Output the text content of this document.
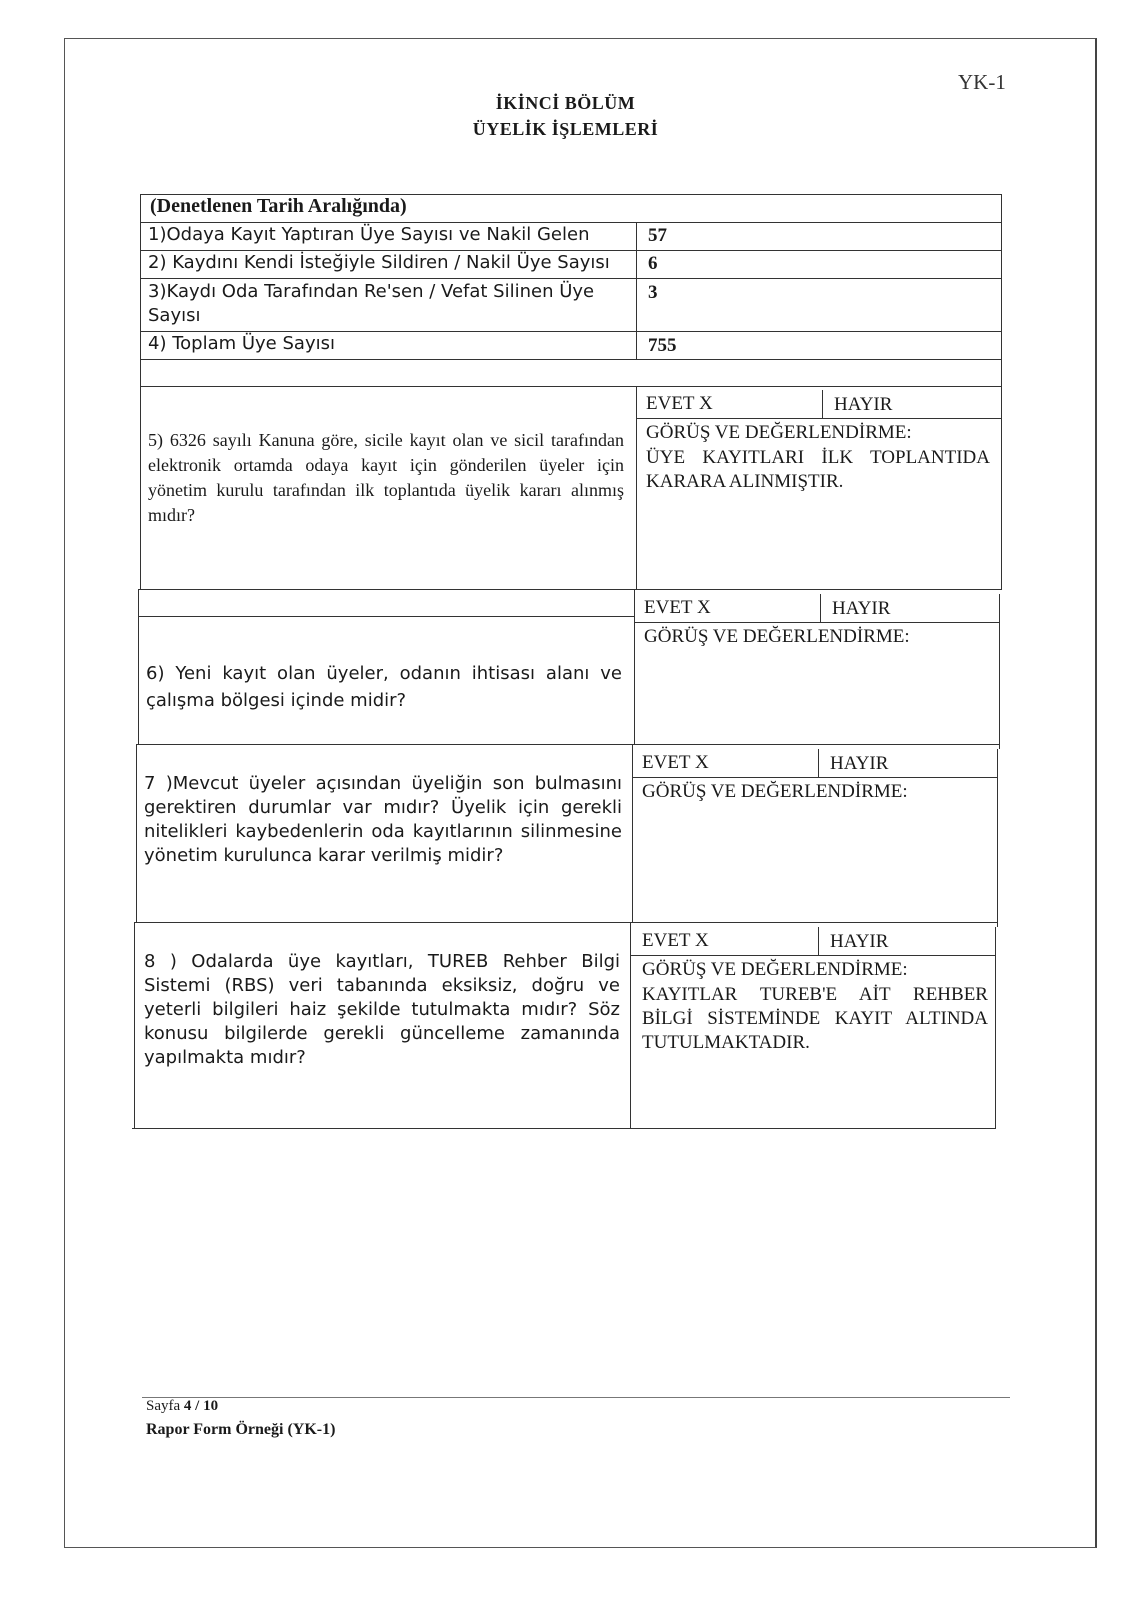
YK-1
İKİNCİ BÖLÜM
ÜYELİK İŞLEMLERİ
(Denetlenen Tarih Aralığında)
1)Odaya Kayıt Yaptıran Üye Sayısı ve Nakil Gelen	57
2) Kaydını Kendi İsteğiyle Sildiren / Nakil Üye Sayısı 6
3)Kaydı Oda Tarafından Re'sen / Vefat Silinen Üye
Sayısı
3
4) Toplam Üye Sayısı	755
5) 6326 sayılı Kanuna göre, sicile kayıt olan ve sicil tarafından elektronik ortamda odaya kayıt için gönderilen üyeler için yönetim kurulu tarafından ilk toplantıda üyelik kararı alınmış mıdır?
EVET X	HAYIR
GÖRÜŞ VE DEĞERLENDİRME:
ÜYE KAYITLARI İLK TOPLANTIDA KARARA ALINMIŞTIR.
6) Yeni kayıt olan üyeler, odanın ihtisası alanı ve çalışma bölgesi içinde midir?
EVET X	HAYIR
GÖRÜŞ VE DEĞERLENDİRME:
7 )Mevcut üyeler açısından üyeliğin son bulmasını gerektiren durumlar var mıdır? Üyelik için gerekli nitelikleri kaybedenlerin oda kayıtlarının silinmesine yönetim kurulunca karar verilmiş midir?
EVET X	HAYIR
GÖRÜŞ VE DEĞERLENDİRME:
8 ) Odalarda üye kayıtları, TUREB Rehber Bilgi Sistemi (RBS) veri tabanında eksiksiz, doğru ve yeterli bilgileri haiz şekilde tutulmakta mıdır? Söz konusu bilgilerde gerekli güncelleme zamanında yapılmakta mıdır?
EVET X	HAYIR
GÖRÜŞ VE DEĞERLENDİRME:
KAYITLAR TUREB'E AİT REHBER BİLGİ SİSTEMİNDE KAYIT ALTINDA TUTULMAKTADIR.
Sayfa 4 / 10
Rapor Form Örneği (YK-1)
